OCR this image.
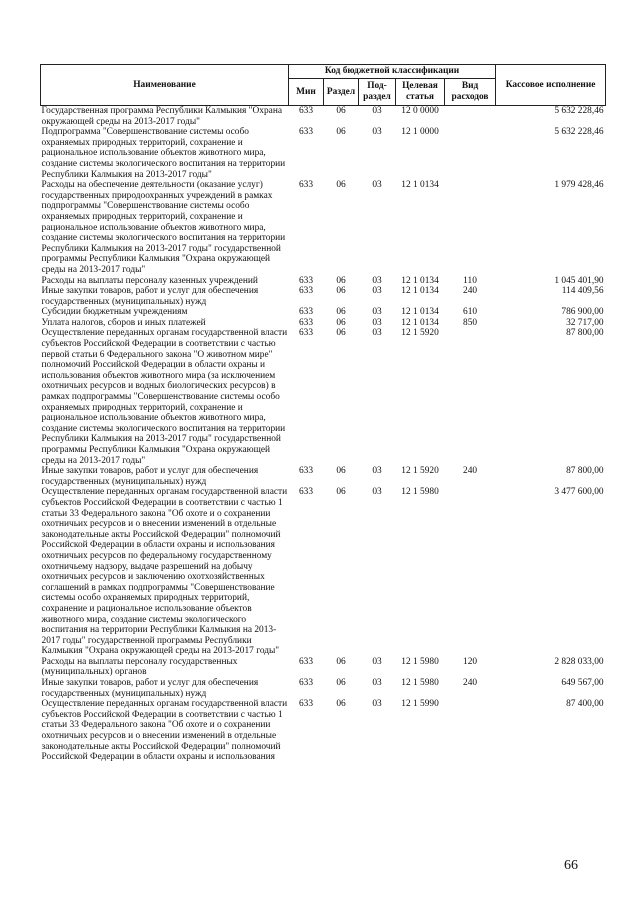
Наименование	Код бюджетной классификации					Кассовое исполнение
	Мин	Раздел	Под-раздел	Целевая статья	Вид расходов	
Государственная программа Республики Калмыкия "Охрана окружающей среды на 2013-2017 годы"	633	06	03	12 0 0000		5 632 228,46
Подпрограмма "Совершенствование системы особо охраняемых природных территорий, сохранение и рациональное использование объектов животного мира, создание системы экологического воспитания на территории Республики Калмыкия на 2013-2017 годы"	633	06	03	12 1 0000		5 632 228,46
Расходы на обеспечение деятельности (оказание услуг) государственных природоохранных учреждений в рамках подпрограммы "Совершенствование системы особо охраняемых природных территорий, сохранение и рациональное использование объектов животного мира, создание системы экологического воспитания на территории Республики Калмыкия на 2013-2017 годы" государственной программы Республики Калмыкия "Охрана окружающей среды на 2013-2017 годы"	633	06	03	12 1 0134		1 979 428,46
Расходы на выплаты персоналу казенных учреждений	633	06	03	12 1 0134	110	1 045 401,90
Иные закупки товаров, работ и услуг для обеспечения государственных (муниципальных) нужд	633	06	03	12 1 0134	240	114 409,56
Субсидии бюджетным учреждениям	633	06	03	12 1 0134	610	786 900,00
Уплата налогов, сборов и иных платежей	633	06	03	12 1 0134	850	32 717,00
Осуществление переданных органам государственной власти субъектов Российской Федерации в соответствии с частью первой статьи 6 Федерального закона "О животном мире" полномочий Российской Федерации в области охраны и использования объектов животного мира (за исключением охотничьих ресурсов и водных биологических ресурсов) в рамках подпрограммы "Совершенствование системы особо охраняемых природных территорий, сохранение и рациональное использование объектов животного мира, создание системы экологического воспитания на территории Республики Калмыкия на 2013-2017 годы" государственной программы Республики Калмыкия "Охрана окружающей среды на 2013-2017 годы"	633	06	03	12 1 5920		87 800,00
Иные закупки товаров, работ и услуг для обеспечения государственных (муниципальных) нужд	633	06	03	12 1 5920	240	87 800,00
Осуществление переданных органам государственной власти субъектов Российской Федерации в соответствии с частью 1 статьи 33 Федерального закона "Об охоте и о сохранении охотничьих ресурсов и о внесении изменений в отдельные законодательные акты Российской Федерации" полномочий Российской Федерации в области охраны и использования охотничьих ресурсов по федеральному государственному охотничьему надзору, выдаче разрешений на добычу охотничьих ресурсов и заключению охотхозяйственных соглашений в рамках подпрограммы "Совершенствование системы особо охраняемых природных территорий, сохранение и рациональное использование объектов животного мира, создание системы экологического воспитания на территории Республики Калмыкия на 2013-2017 годы" государственной программы Республики Калмыкия "Охрана окружающей среды на 2013-2017 годы"	633	06	03	12 1 5980		3 477 600,00
Расходы на выплаты персоналу государственных (муниципальных) органов	633	06	03	12 1 5980	120	2 828 033,00
Иные закупки товаров, работ и услуг для обеспечения государственных (муниципальных) нужд	633	06	03	12 1 5980	240	649 567,00
Осуществление переданных органам государственной власти субъектов Российской Федерации в соответствии с частью 1 статьи 33 Федерального закона "Об охоте и о сохранении охотничьих ресурсов и о внесении изменений в отдельные законодательные акты Российской Федерации" полномочий Российской Федерации в области охраны и использования	633	06	03	12 1 5990		87 400,00
66
